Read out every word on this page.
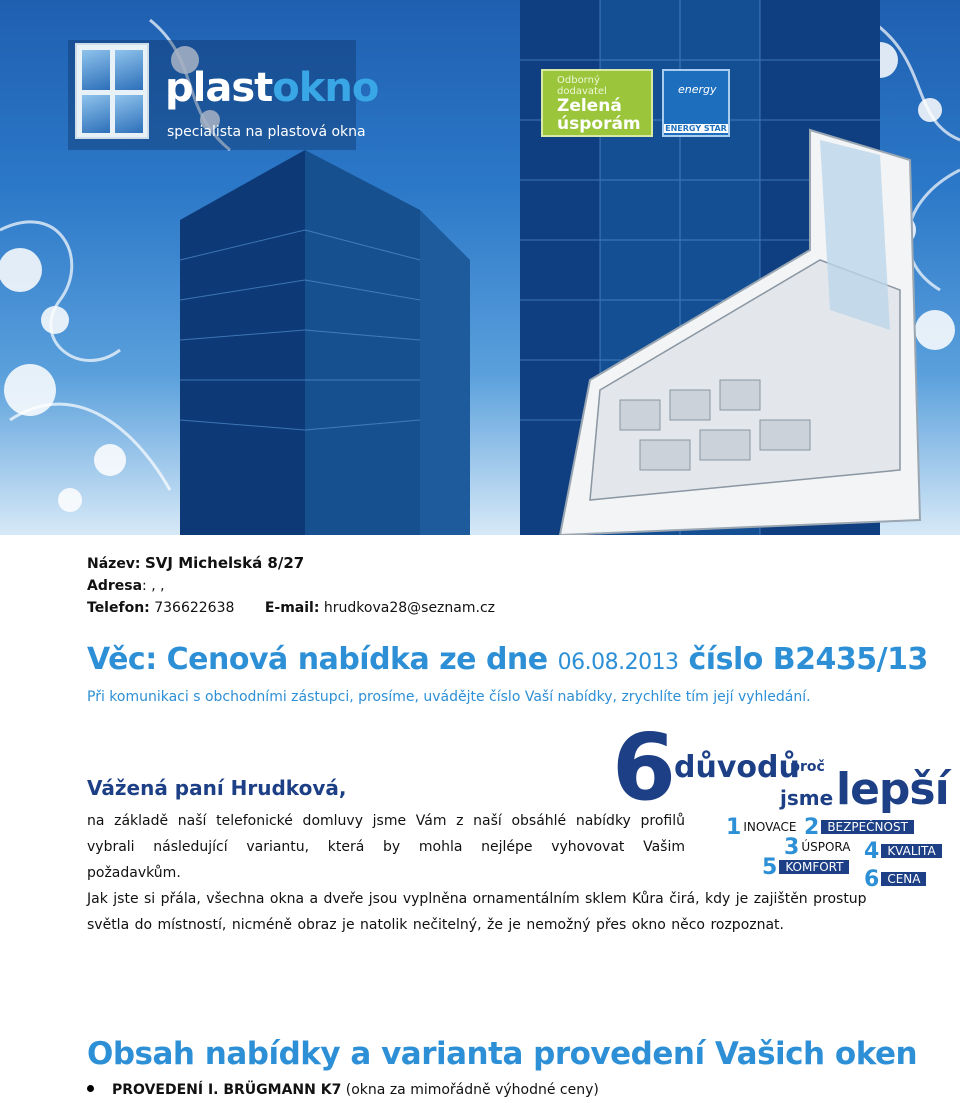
plastokno
specialista na plastová okna
Odborný dodavatel
Zelená
úsporám
energy
ENERGY STAR
Název: SVJ Michelská 8/27
Adresa: , ,
Telefon: 736622638 E-mail: hrudkova28@seznam.cz
Věc: Cenová nabídka ze dne 06.08.2013 číslo B2435/13
Při komunikaci s obchodními zástupci, prosíme, uvádějte číslo Vaší nabídky, zrychlíte tím její vyhledání.
6
důvodů
proč
jsme lepší
1 INOVACE 2 BEZPEČNOST
3 ÚSPORA 4 KVALITA
5 KOMFORT 6 CENA
Vážená paní Hrudková,
na základě naší telefonické domluvy jsme Vám z naší obsáhlé nabídky profilů vybrali následující variantu, která by mohla nejlépe vyhovovat Vašim požadavkům.
Jak jste si přála, všechna okna a dveře jsou vyplněna ornamentálním sklem Kůra čirá, kdy je zajištěn prostup světla do místností, nicméně obraz je natolik nečitelný, že je nemožný přes okno něco rozpoznat.
Obsah nabídky a varianta provedení Vašich oken
PROVEDENÍ I. BRÜGMANN K7 (okna za mimořádně výhodné ceny)
